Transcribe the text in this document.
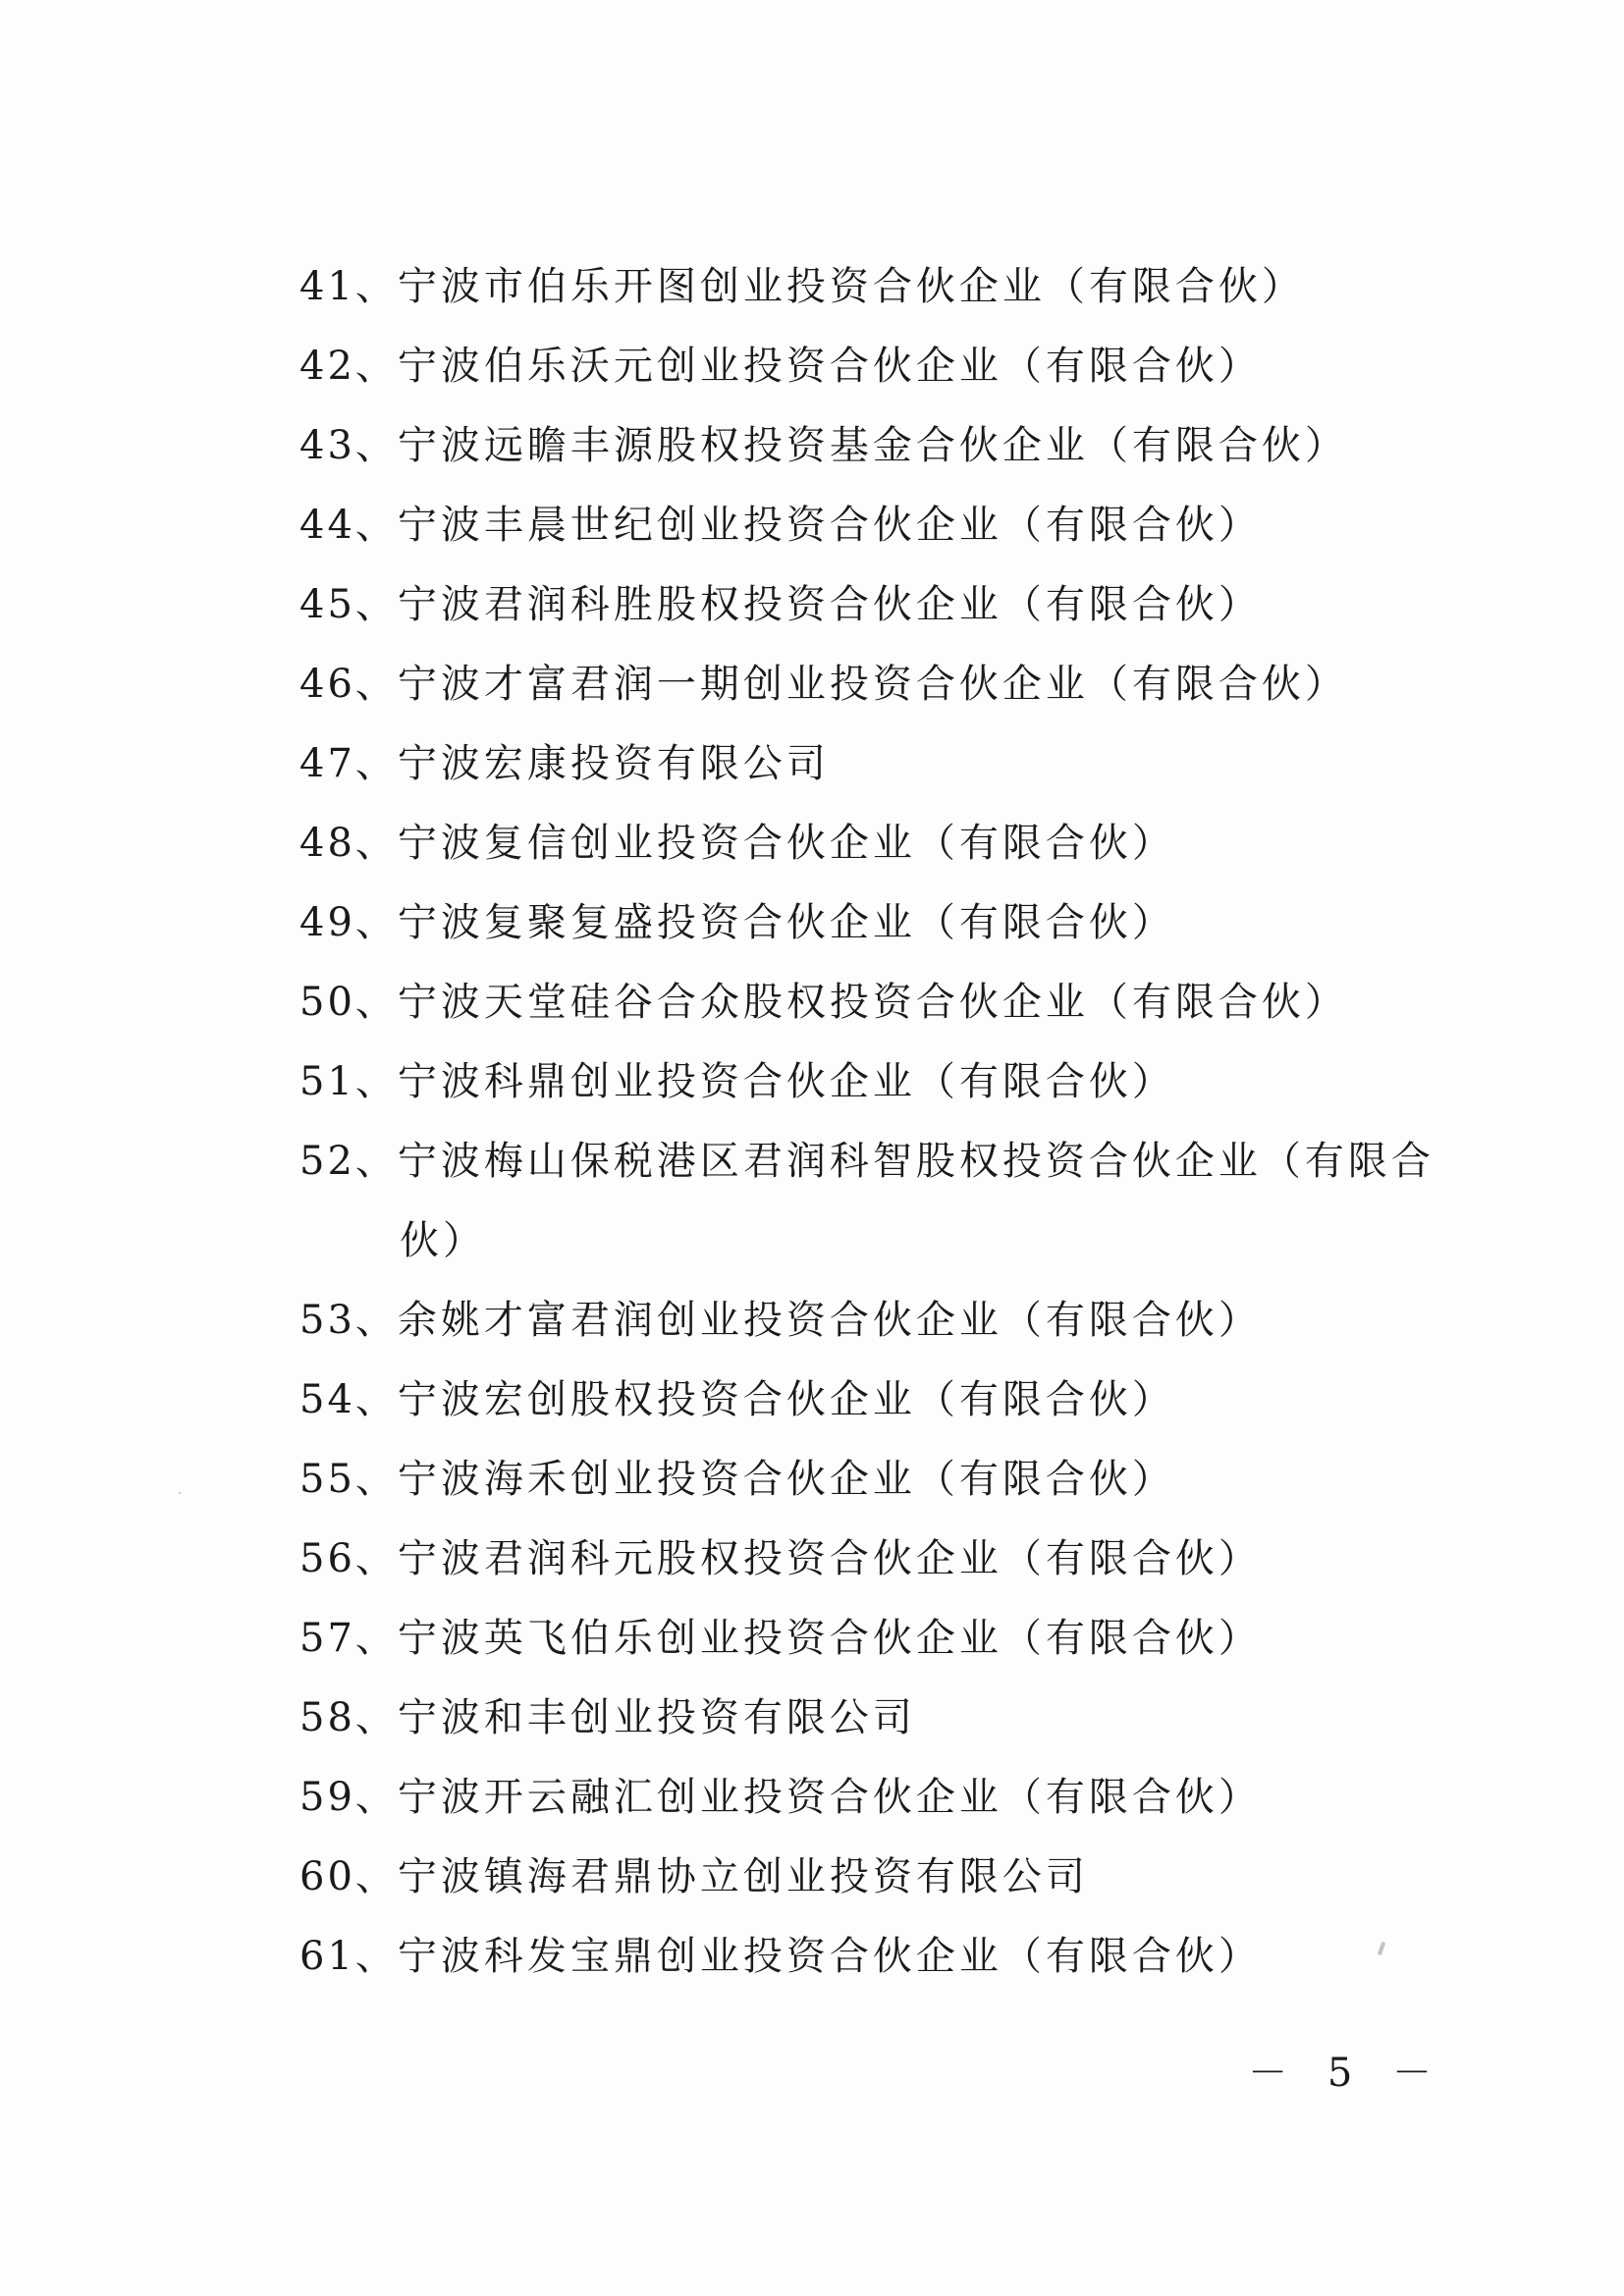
41、宁波市伯乐开图创业投资合伙企业（有限合伙）
42、宁波伯乐沃元创业投资合伙企业（有限合伙）
43、宁波远瞻丰源股权投资基金合伙企业（有限合伙）
44、宁波丰晨世纪创业投资合伙企业（有限合伙）
45、宁波君润科胜股权投资合伙企业（有限合伙）
46、宁波才富君润一期创业投资合伙企业（有限合伙）
47、宁波宏康投资有限公司
48、宁波复信创业投资合伙企业（有限合伙）
49、宁波复聚复盛投资合伙企业（有限合伙）
50、宁波天堂硅谷合众股权投资合伙企业（有限合伙）
51、宁波科鼎创业投资合伙企业（有限合伙）
52、宁波梅山保税港区君润科智股权投资合伙企业（有限合
伙）
53、余姚才富君润创业投资合伙企业（有限合伙）
54、宁波宏创股权投资合伙企业（有限合伙）
55、宁波海禾创业投资合伙企业（有限合伙）
56、宁波君润科元股权投资合伙企业（有限合伙）
57、宁波英飞伯乐创业投资合伙企业（有限合伙）
58、宁波和丰创业投资有限公司
59、宁波开云融汇创业投资合伙企业（有限合伙）
60、宁波镇海君鼎协立创业投资有限公司
61、宁波科发宝鼎创业投资合伙企业（有限合伙）
－ 5 －
